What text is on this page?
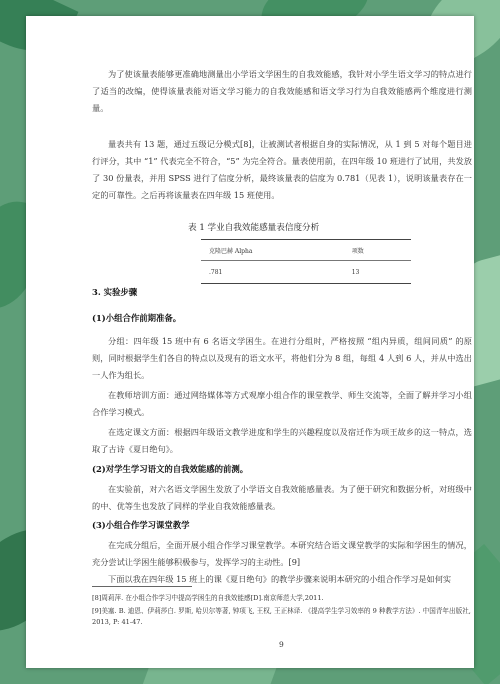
为了使该量表能够更准确地测量出小学语文学困生的自我效能感，我针对小学生语文学习的特点进行了适当的改编，使得该量表能对语文学习能力的自我效能感和语文学习行为自我效能感两个维度进行测量。

量表共有 13 题，通过五级记分模式[8]，让被测试者根据自身的实际情况，从 1 到 5 对每个题目进行评分，其中 “1” 代表完全不符合，“5” 为完全符合。量表使用前，在四年级 10 班进行了试用，共发放了 30 份量表，并用 SPSS 进行了信度分析，最终该量表的信度为 0.781（见表 1），说明该量表存在一定的可靠性。之后再将该量表在四年级 15 班使用。

表 1 学业自我效能感量表信度分析
克隆巴赫 Alpha	项数
.781	13
3. 实验步骤
(1)小组合作前期准备。

分组：四年级 15 班中有 6 名语文学困生。在进行分组时，严格按照 “组内异质，组间同质” 的原则，同时根据学生们各自的特点以及现有的语文水平，将他们分为 8 组，每组 4 人到 6 人，并从中选出一人作为组长。

在教师培训方面：通过网络媒体等方式观摩小组合作的课堂教学、师生交流等，全面了解并学习小组合作学习模式。

在选定课文方面：根据四年级语文教学进度和学生的兴趣程度以及宿迁作为项王故乡的这一特点，选取了古诗《夏日绝句》。

(2)对学生学习语文的自我效能感的前测。

在实验前，对六名语文学困生发放了小学语文自我效能感量表。为了便于研究和数据分析，对班级中的中、优等生也发放了同样的学业自我效能感量表。

(3)小组合作学习课堂教学

在完成分组后，全面开展小组合作学习课堂教学。本研究结合语文课堂教学的实际和学困生的情况，充分尝试让学困生能够积极参与，发挥学习的主动性。[9]

下面以我在四年级 15 班上的课《夏日绝句》的教学步骤来说明本研究的小组合作学习是如何实

[8]周莉萍. 在小组合作学习中提高学困生的自我效能感[D].南京师范大学,2011.

[9]美塞. B. 迪恩、伊莉莎白. 罗斯, 哈贝尔等著, 钟项飞, 王权, 王正林译. 《提高学生学习效率的 9 种教学方法》. 中国青年出版社, 2013, P: 41-47.

9
